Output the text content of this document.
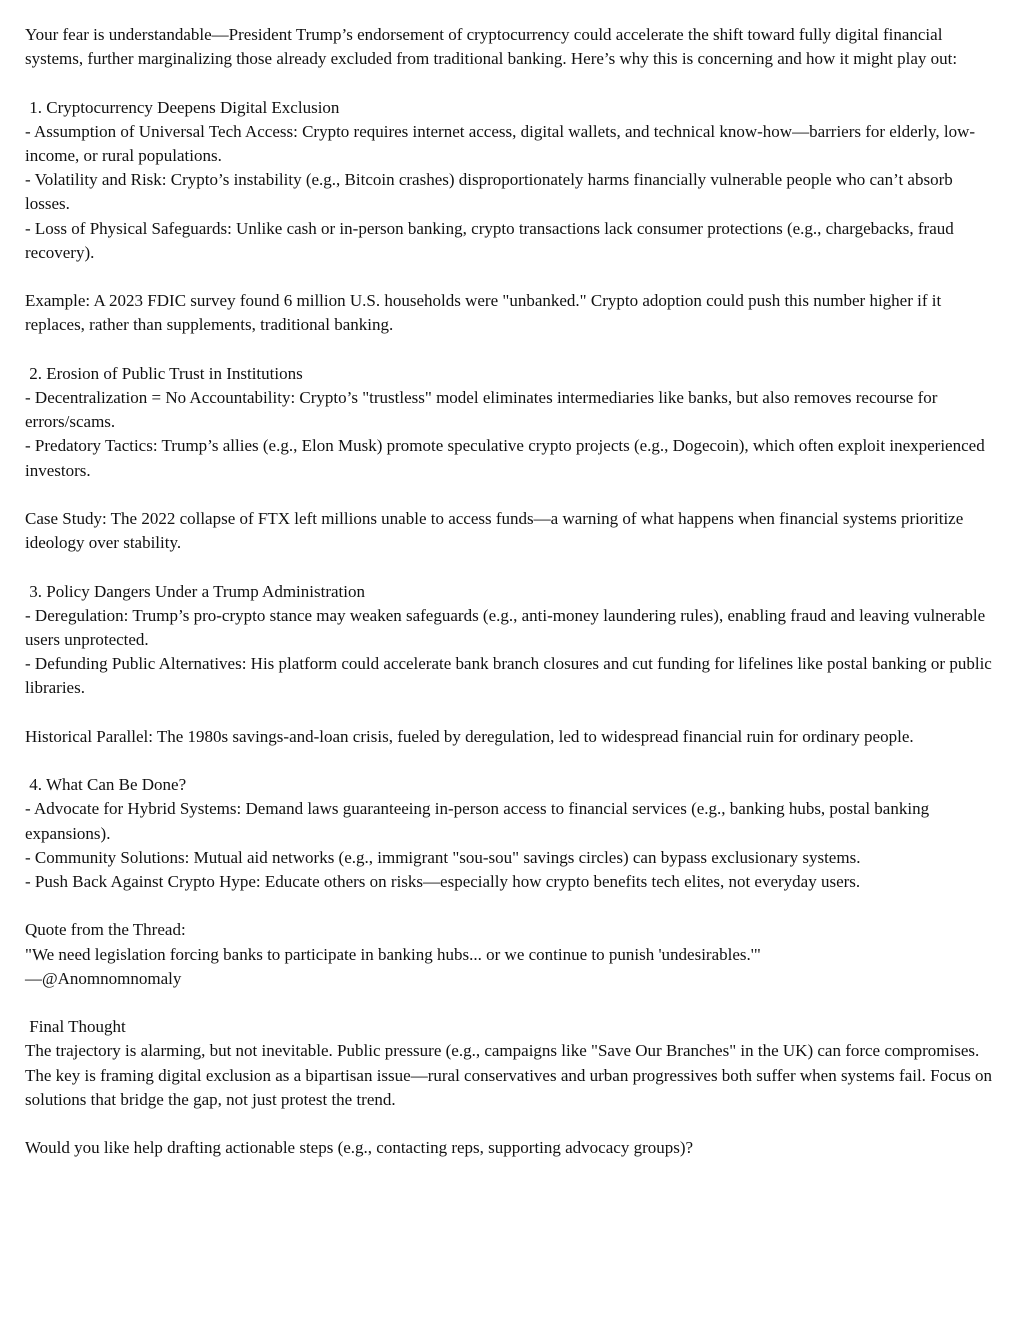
Your fear is understandable—President Trump’s endorsement of cryptocurrency could accelerate the shift toward fully digital financial systems, further marginalizing those already excluded from traditional banking. Here’s why this is concerning and how it might play out:

1. Cryptocurrency Deepens Digital Exclusion

- Assumption of Universal Tech Access: Crypto requires internet access, digital wallets, and technical know-how—barriers for elderly, low-income, or rural populations.

- Volatility and Risk: Crypto’s instability (e.g., Bitcoin crashes) disproportionately harms financially vulnerable people who can’t absorb losses.

- Loss of Physical Safeguards: Unlike cash or in-person banking, crypto transactions lack consumer protections (e.g., chargebacks, fraud recovery).

Example: A 2023 FDIC survey found 6 million U.S. households were "unbanked." Crypto adoption could push this number higher if it replaces, rather than supplements, traditional banking.

2. Erosion of Public Trust in Institutions

- Decentralization = No Accountability: Crypto’s "trustless" model eliminates intermediaries like banks, but also removes recourse for errors/scams.

- Predatory Tactics: Trump’s allies (e.g., Elon Musk) promote speculative crypto projects (e.g., Dogecoin), which often exploit inexperienced investors.

Case Study: The 2022 collapse of FTX left millions unable to access funds—a warning of what happens when financial systems prioritize ideology over stability.

3. Policy Dangers Under a Trump Administration

- Deregulation: Trump’s pro-crypto stance may weaken safeguards (e.g., anti-money laundering rules), enabling fraud and leaving vulnerable users unprotected.

- Defunding Public Alternatives: His platform could accelerate bank branch closures and cut funding for lifelines like postal banking or public libraries.

Historical Parallel: The 1980s savings-and-loan crisis, fueled by deregulation, led to widespread financial ruin for ordinary people.

4. What Can Be Done?

- Advocate for Hybrid Systems: Demand laws guaranteeing in-person access to financial services (e.g., banking hubs, postal banking expansions).

- Community Solutions: Mutual aid networks (e.g., immigrant "sou-sou" savings circles) can bypass exclusionary systems.

- Push Back Against Crypto Hype: Educate others on risks—especially how crypto benefits tech elites, not everyday users.

Quote from the Thread:

"We need legislation forcing banks to participate in banking hubs... or we continue to punish 'undesirables.'"

—@Anomnomnomaly

Final Thought

The trajectory is alarming, but not inevitable. Public pressure (e.g., campaigns like "Save Our Branches" in the UK) can force compromises. The key is framing digital exclusion as a bipartisan issue—rural conservatives and urban progressives both suffer when systems fail. Focus on solutions that bridge the gap, not just protest the trend.

Would you like help drafting actionable steps (e.g., contacting reps, supporting advocacy groups)?
